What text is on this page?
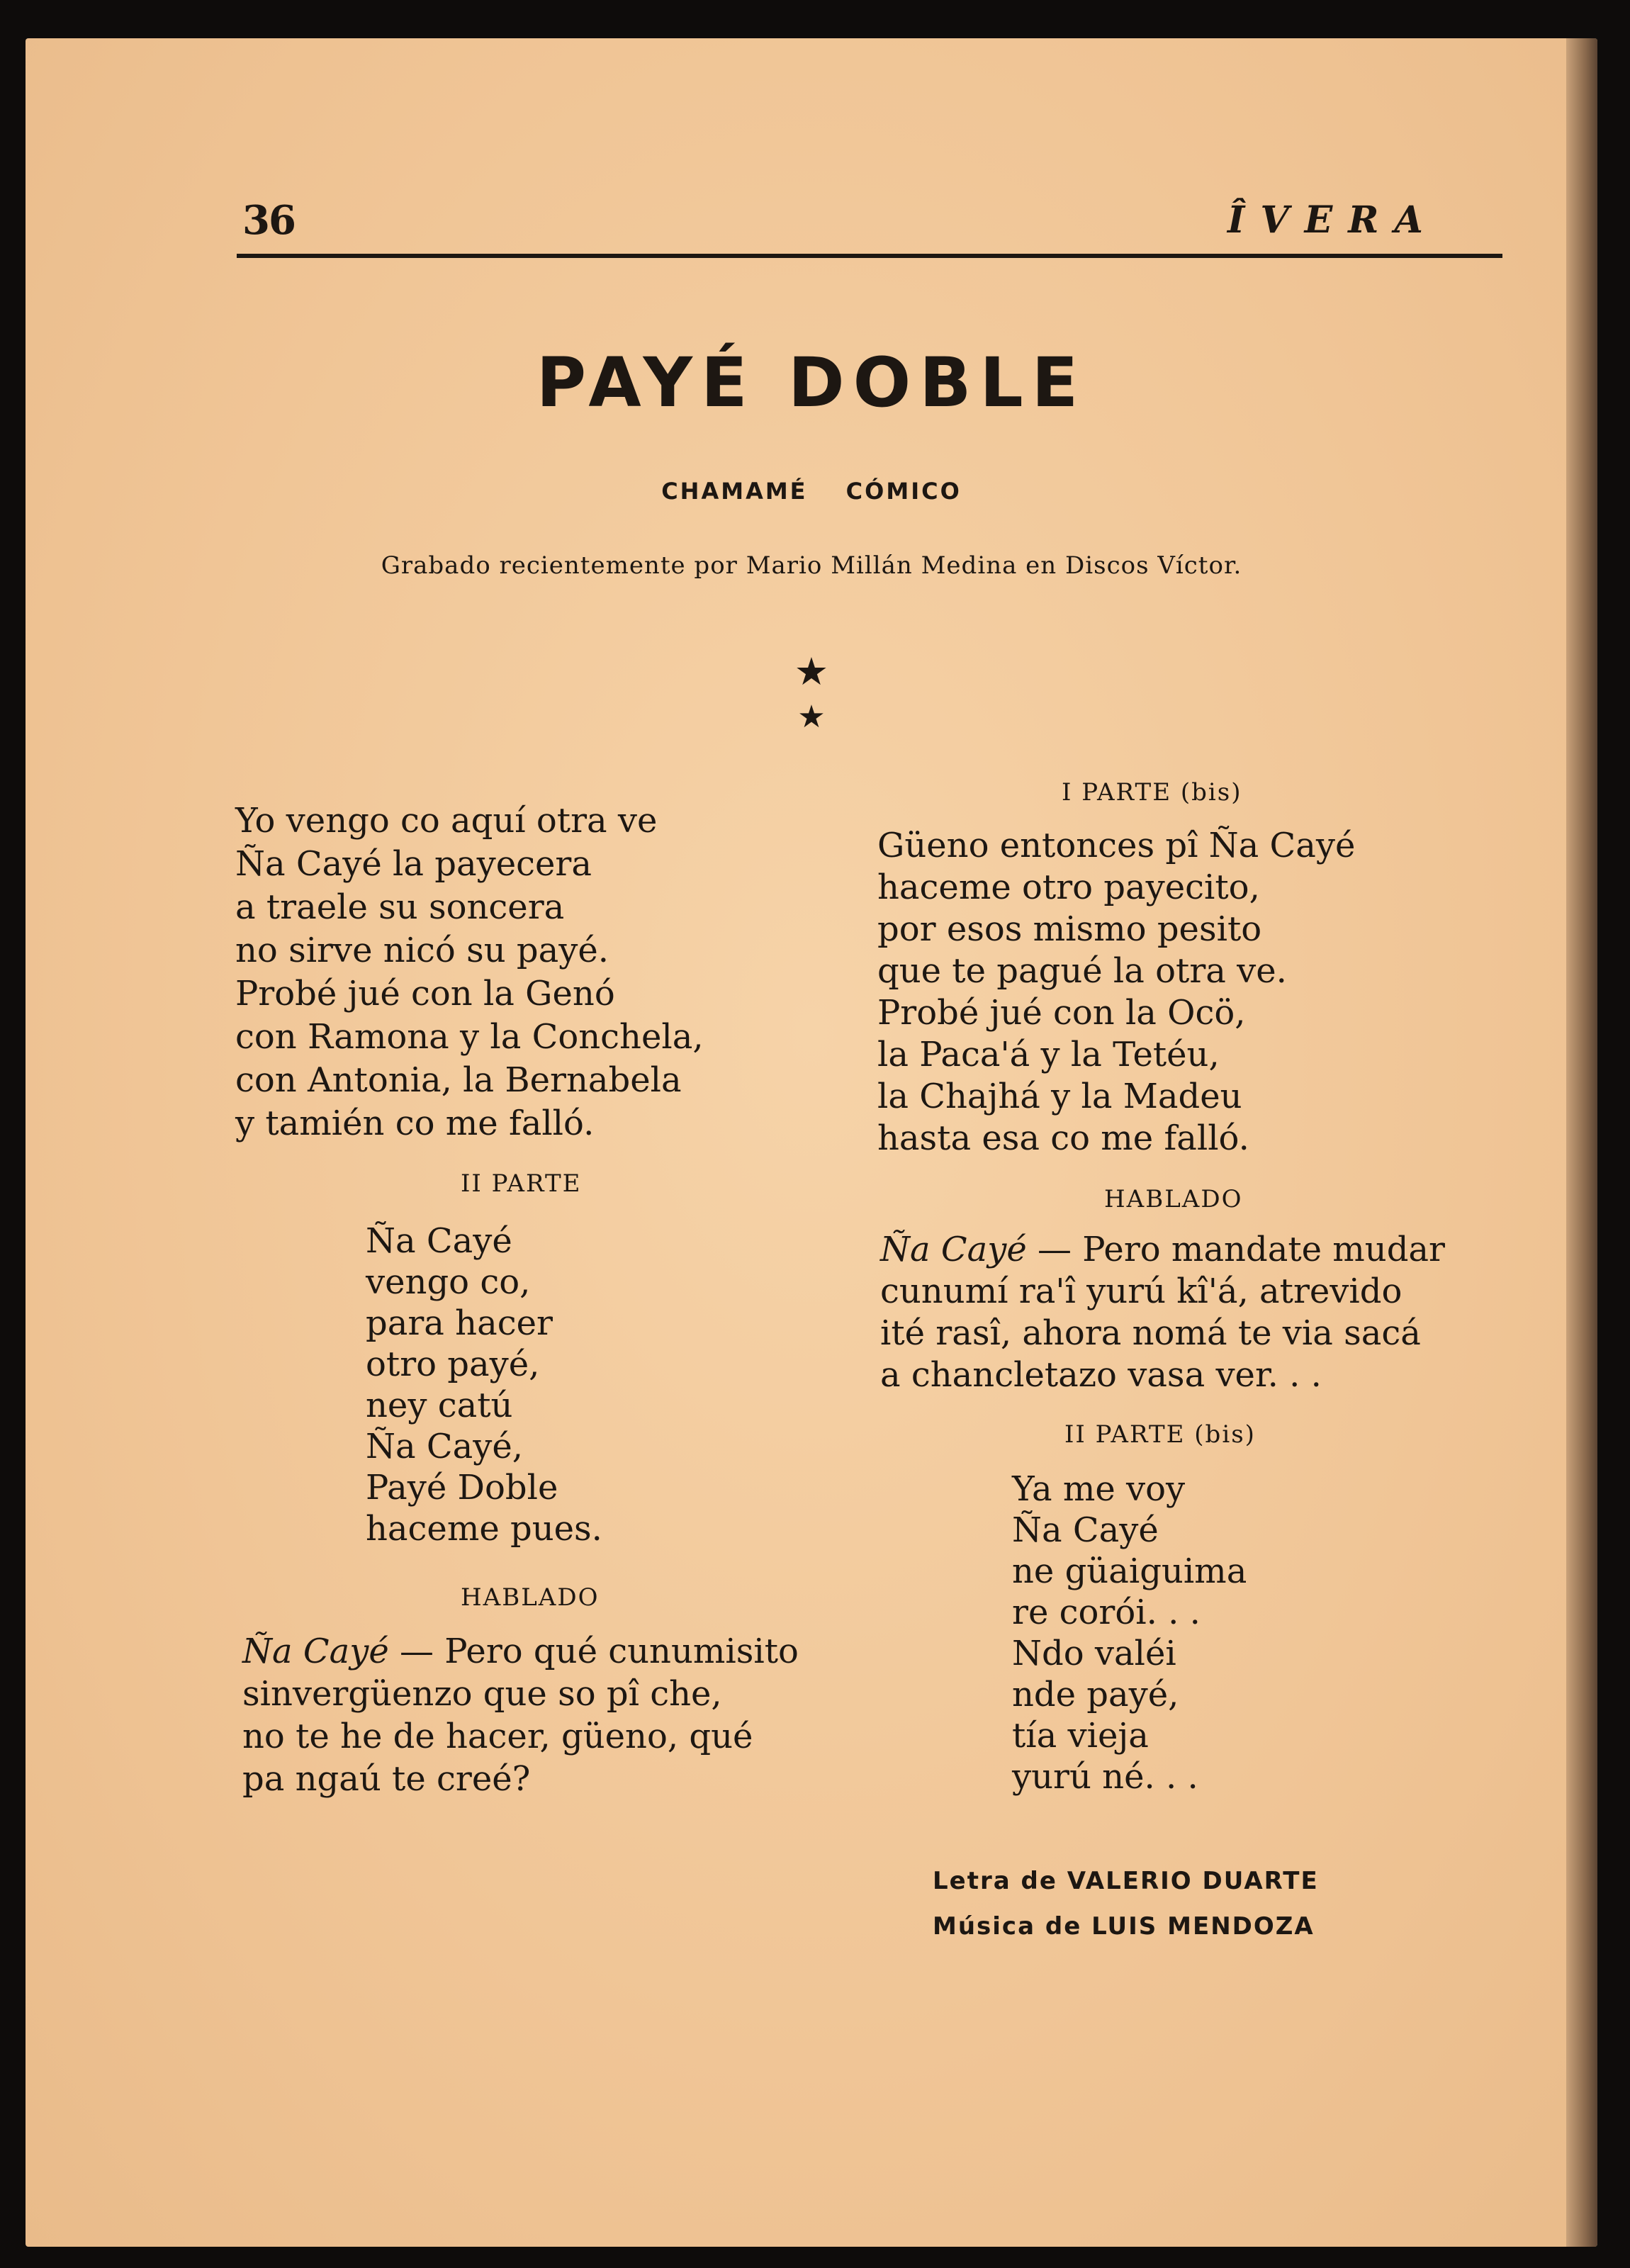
36	ÎVERA
PAYÉ DOBLE
CHAMAMÉ CÓMICO
Grabado recientemente por Mario Millán Medina en Discos Víctor.
★
★
Yo vengo co aquí otra ve
Ña Cayé la payecera
a traele su soncera
no sirve nicó su payé.
Probé jué con la Genó
con Ramona y la Conchela,
con Antonia, la Bernabela
y tamién co me falló.
II PARTE
Ña Cayé
vengo co,
para hacer
otro payé,
ney catú
Ña Cayé,
Payé Doble
haceme pues.
HABLADO
Ña Cayé — Pero qué cunumisito
sinvergüenzo que so pî che,
no te he de hacer, güeno, qué
pa ngaú te creé?
I PARTE (bis)
Güeno entonces pî Ña Cayé
haceme otro payecito,
por esos mismo pesito
que te pagué la otra ve.
Probé jué con la Ocö,
la Paca'á y la Tetéu,
la Chajhá y la Madeu
hasta esa co me falló.
HABLADO
Ña Cayé — Pero mandate mudar
cunumí ra'î yurú kî'á, atrevido
ité rasî, ahora nomá te via sacá
a chancletazo vasa ver. . .
II PARTE (bis)
Ya me voy
Ña Cayé
ne güaiguima
re corói. . .
Ndo valéi
nde payé,
tía vieja
yurú né. . .
Letra de VALERIO DUARTE
Música de LUIS MENDOZA
